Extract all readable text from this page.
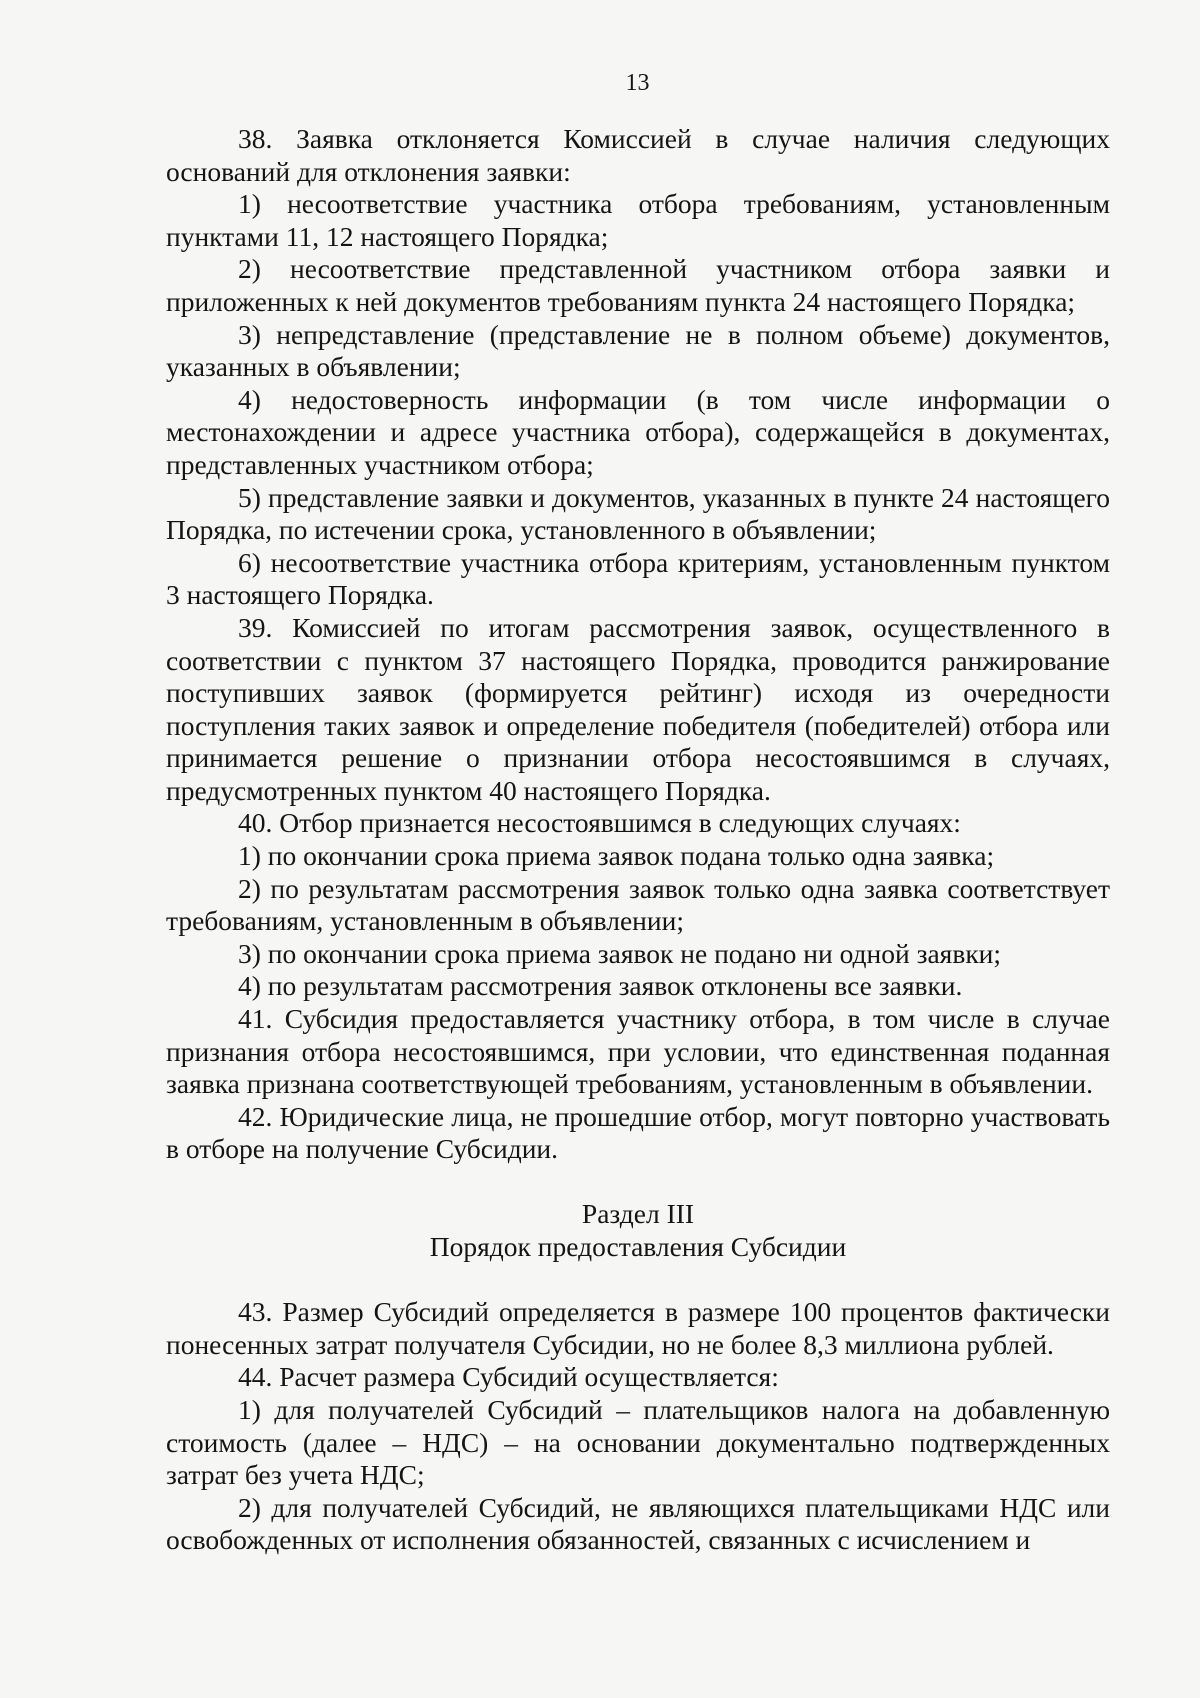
13

38. Заявка отклоняется Комиссией в случае наличия следующих оснований для отклонения заявки:

1) несоответствие участника отбора требованиям, установленным пунктами 11, 12 настоящего Порядка;

2) несоответствие представленной участником отбора заявки и приложенных к ней документов требованиям пункта 24 настоящего Порядка;

3) непредставление (представление не в полном объеме) документов, указанных в объявлении;

4) недостоверность информации (в том числе информации о местонахождении и адресе участника отбора), содержащейся в документах, представленных участником отбора;

5) представление заявки и документов, указанных в пункте 24 настоящего Порядка, по истечении срока, установленного в объявлении;

6) несоответствие участника отбора критериям, установленным пунктом 3 настоящего Порядка.

39. Комиссией по итогам рассмотрения заявок, осуществленного в соответствии с пунктом 37 настоящего Порядка, проводится ранжирование поступивших заявок (формируется рейтинг) исходя из очередности поступления таких заявок и определение победителя (победителей) отбора или принимается решение о признании отбора несостоявшимся в случаях, предусмотренных пунктом 40 настоящего Порядка.

40. Отбор признается несостоявшимся в следующих случаях:

1) по окончании срока приема заявок подана только одна заявка;

2) по результатам рассмотрения заявок только одна заявка соответствует требованиям, установленным в объявлении;

3) по окончании срока приема заявок не подано ни одной заявки;

4) по результатам рассмотрения заявок отклонены все заявки.

41. Субсидия предоставляется участнику отбора, в том числе в случае признания отбора несостоявшимся, при условии, что единственная поданная заявка признана соответствующей требованиям, установленным в объявлении.

42. Юридические лица, не прошедшие отбор, могут повторно участвовать в отборе на получение Субсидии.

Раздел III

Порядок предоставления Субсидии

43. Размер Субсидий определяется в размере 100 процентов фактически понесенных затрат получателя Субсидии, но не более 8,3 миллиона рублей.

44. Расчет размера Субсидий осуществляется:

1) для получателей Субсидий – плательщиков налога на добавленную стоимость (далее – НДС) – на основании документально подтвержденных затрат без учета НДС;

2) для получателей Субсидий, не являющихся плательщиками НДС или освобожденных от исполнения обязанностей, связанных с исчислением и
